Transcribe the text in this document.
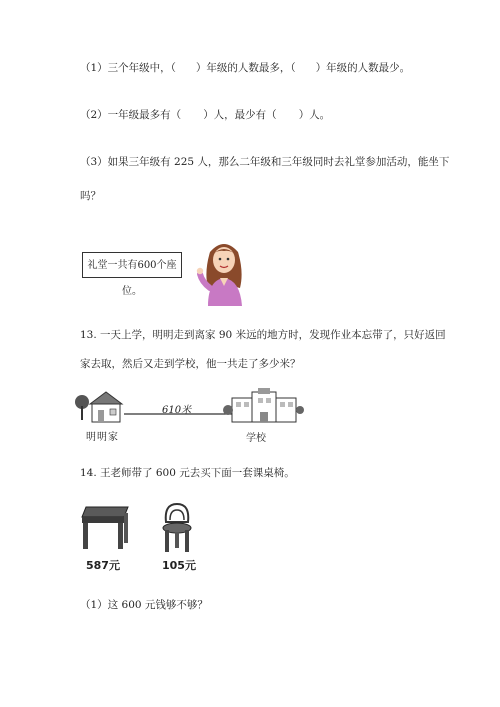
（1）三个年级中，（ ）年级的人数最多，（ ）年级的人数最少。
（2）一年级最多有（ ）人，最少有（ ）人。
（3）如果三年级有 225 人，那么二年级和三年级同时去礼堂参加活动，能坐下
吗？
礼堂一共有600个座位。
13. 一天上学，明明走到离家 90 米远的地方时，发现作业本忘带了，只好返回
家去取，然后又走到学校，他一共走了多少米？
610米
明明家	学校
14. 王老师带了 600 元去买下面一套课桌椅。
587元	105元
（1）这 600 元钱够不够？
